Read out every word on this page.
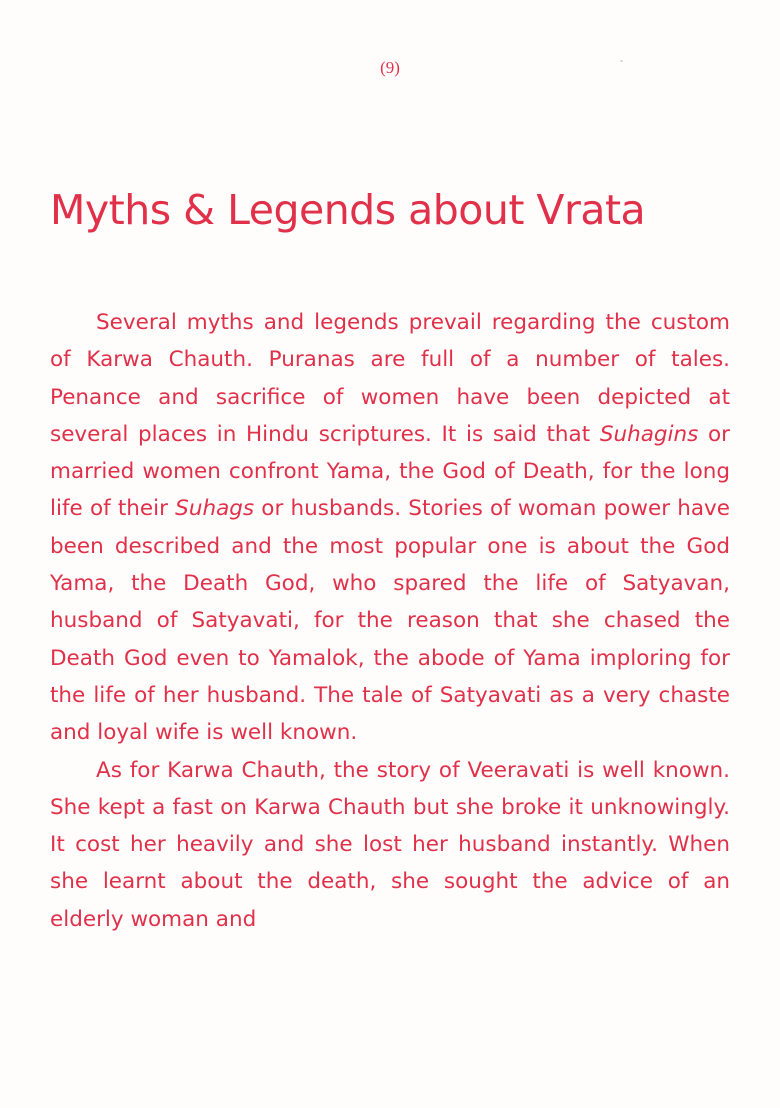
(9)
Myths & Legends about Vrata

Several myths and legends prevail regarding the custom of Karwa Chauth. Puranas are full of a number of tales. Penance and sacrifice of women have been depicted at several places in Hindu scriptures. It is said that Suhagins or married women confront Yama, the God of Death, for the long life of their Suhags or husbands. Stories of woman power have been described and the most popular one is about the God Yama, the Death God, who spared the life of Satyavan, husband of Satyavati, for the reason that she chased the Death God even to Yamalok, the abode of Yama imploring for the life of her husband. The tale of Satyavati as a very chaste and loyal wife is well known.

As for Karwa Chauth, the story of Veeravati is well known. She kept a fast on Karwa Chauth but she broke it unknowingly. It cost her heavily and she lost her husband instantly. When she learnt about the death, she sought the advice of an elderly woman and
